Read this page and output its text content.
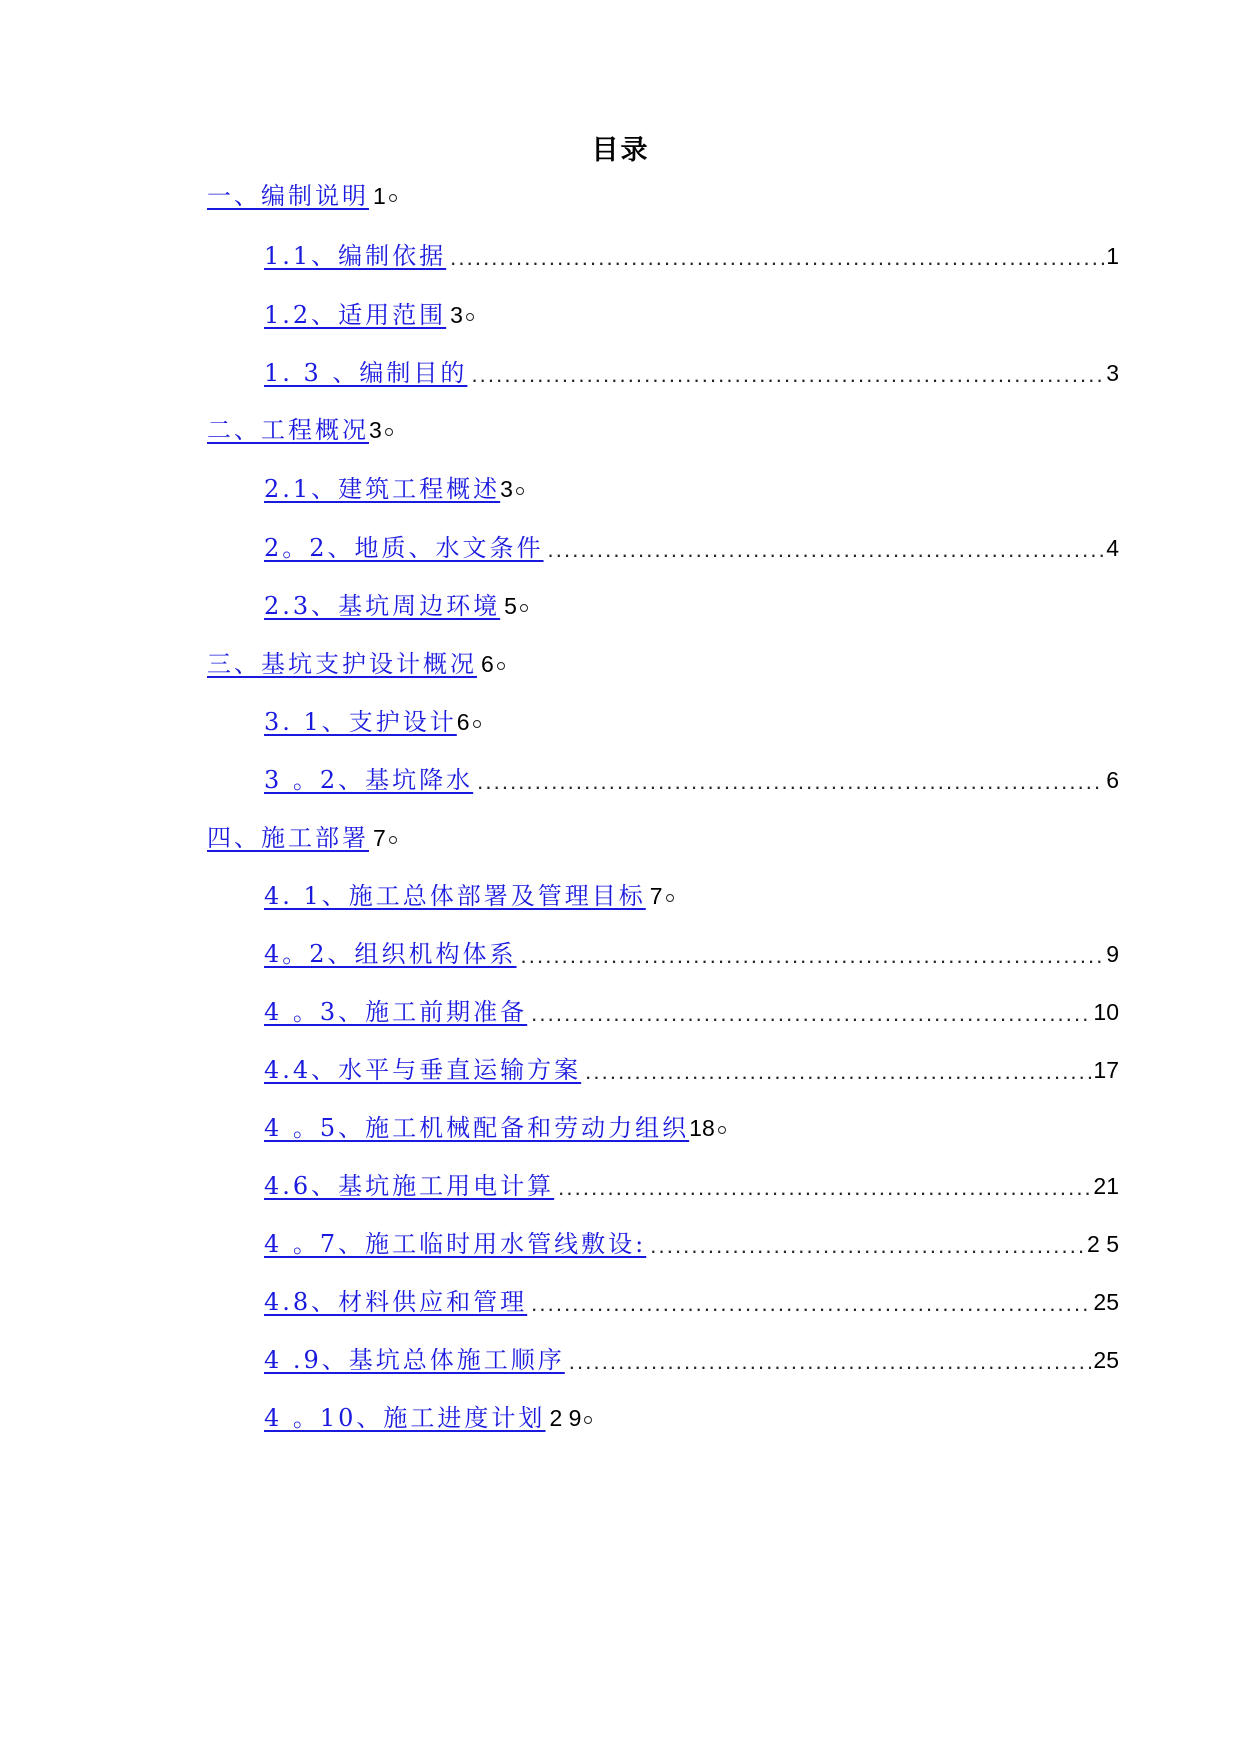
目录
一、编制说明 1
1.1、编制依据 . . .	1
1.2、适用范围 3
1. 3 、编制目的 . . .	3
二、工程概况 3
2.1、建筑工程概述 3
2。2、地质、水文条件 . . .	4
2.3、基坑周边环境 5
三、基坑支护设计概况 6
3. 1、支护设计 6
3 。2、基坑降水 . . .	6
四、施工部署 7
4. 1、施工总体部署及管理目标 7
4。2、组织机构体系 . . .	9
4 。3、施工前期准备 . . .	10
4.4、水平与垂直运输方案 . . .	17
4 。5、施工机械配备和劳动力组织 18
4.6、基坑施工用电计算 . . .	21
4 。7、施工临时用水管线敷设: . . .	2 5
4.8、材料供应和管理 . . .	25
4 .9、基坑总体施工顺序 . . .	25
4 。10、施工进度计划 2 9
